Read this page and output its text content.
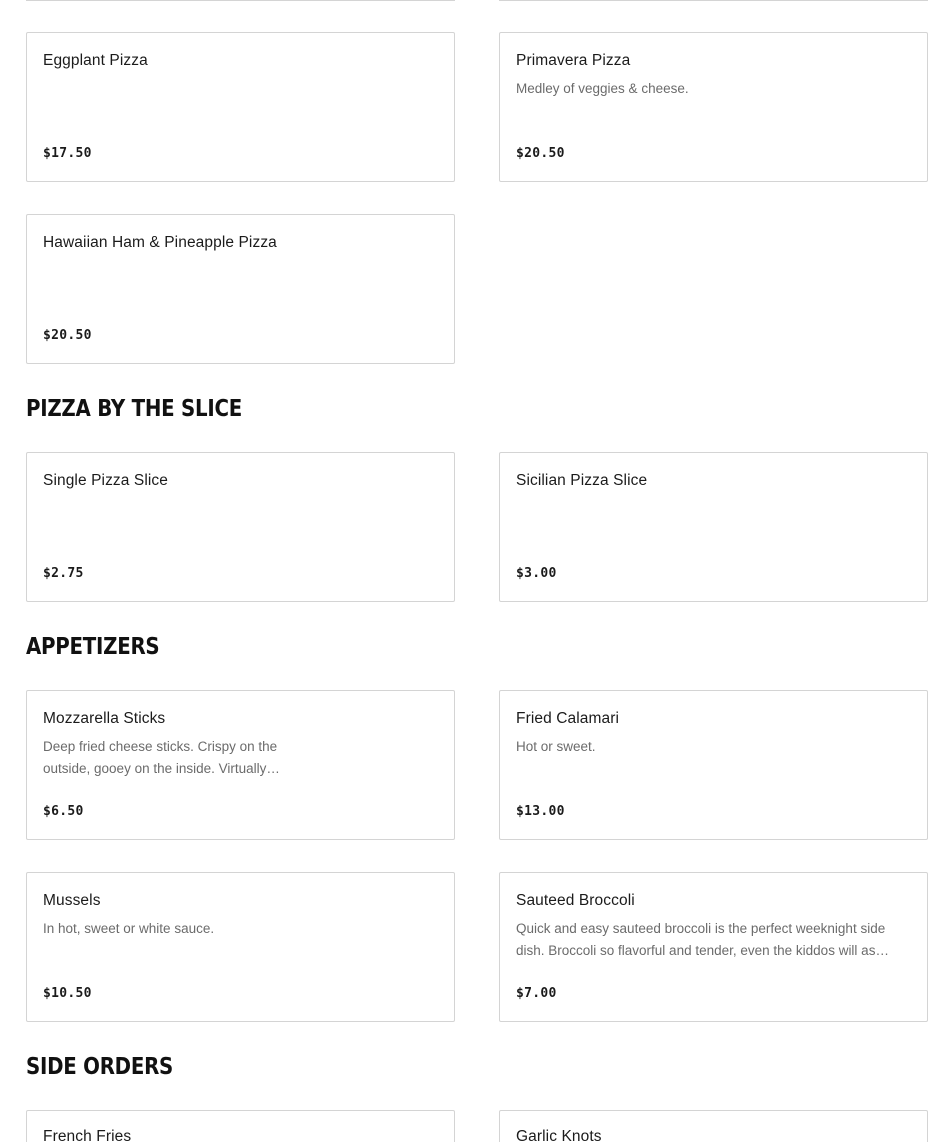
Eggplant Pizza
$17.50
Primavera Pizza
Medley of veggies & cheese.
$20.50
Hawaiian Ham & Pineapple Pizza
$20.50
PIZZA BY THE SLICE
Single Pizza Slice
$2.75
Sicilian Pizza Slice
$3.00
APPETIZERS
Mozzarella Sticks
Deep fried cheese sticks. Crispy on the outside, gooey on the inside. Virtually…
$6.50
Fried Calamari
Hot or sweet.
$13.00
Mussels
In hot, sweet or white sauce.
$10.50
Sauteed Broccoli
Quick and easy sauteed broccoli is the perfect weeknight side dish. Broccoli so flavorful and tender, even the kiddos will as…
$7.00
SIDE ORDERS
French Fries	Garlic Knots
